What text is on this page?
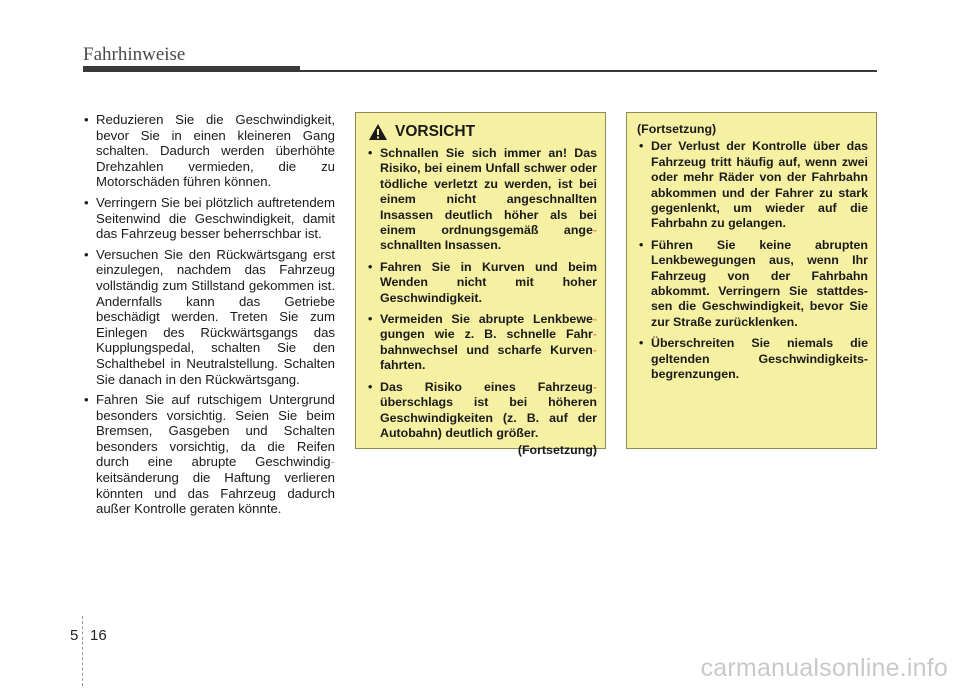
Fahrhinweise
• Reduzieren Sie die Geschwindigkeit, bevor Sie in einen kleineren Gang schalten. Dadurch werden überhöhte Drehzahlen vermieden, die zu Motorschäden führen können.
• Verringern Sie bei plötzlich auftretendem Seitenwind die Geschwindigkeit, damit das Fahrzeug besser beherrschbar ist.
• Versuchen Sie den Rückwärtsgang erst einzulegen, nachdem das Fahrzeug vollständig zum Stillstand gekommen ist. Andernfalls kann das Getriebe beschädigt werden. Treten Sie zum Einlegen des Rückwärtsgangs das Kupplungspedal, schalten Sie den Schalthebel in Neutralstellung. Schalten Sie danach in den Rückwärtsgang.
• Fahren Sie auf rutschigem Untergrund besonders vorsichtig. Seien Sie beim Bremsen, Gasgeben und Schalten besonders vorsichtig, da die Reifen durch eine abrupte Geschwindig-keitsänderung die Haftung verlieren könnten und das Fahrzeug dadurch außer Kontrolle geraten könnte.
VORSICHT
• Schnallen Sie sich immer an! Das Risiko, bei einem Unfall schwer oder tödliche verletzt zu werden, ist bei einem nicht angeschnallten Insassen deutlich höher als bei einem ordnungsgemäß ange-schnallten Insassen.
• Fahren Sie in Kurven und beim Wenden nicht mit hoher Geschwindigkeit.
• Vermeiden Sie abrupte Lenkbewe-gungen wie z. B. schnelle Fahr-bahnwechsel und scharfe Kurven-fahrten.
• Das Risiko eines Fahrzeug-überschlags ist bei höheren Geschwindigkeiten (z. B. auf der Autobahn) deutlich größer.
(Fortsetzung)
(Fortsetzung)
• Der Verlust der Kontrolle über das Fahrzeug tritt häufig auf, wenn zwei oder mehr Räder von der Fahrbahn abkommen und der Fahrer zu stark gegenlenkt, um wieder auf die Fahrbahn zu gelangen.
• Führen Sie keine abrupten Lenkbewegungen aus, wenn Ihr Fahrzeug von der Fahrbahn abkommt. Verringern Sie stattdes-sen die Geschwindigkeit, bevor Sie zur Straße zurücklenken.
• Überschreiten Sie niemals die geltenden Geschwindigkeits-begrenzungen.
5 16
carmanualsonline.info
